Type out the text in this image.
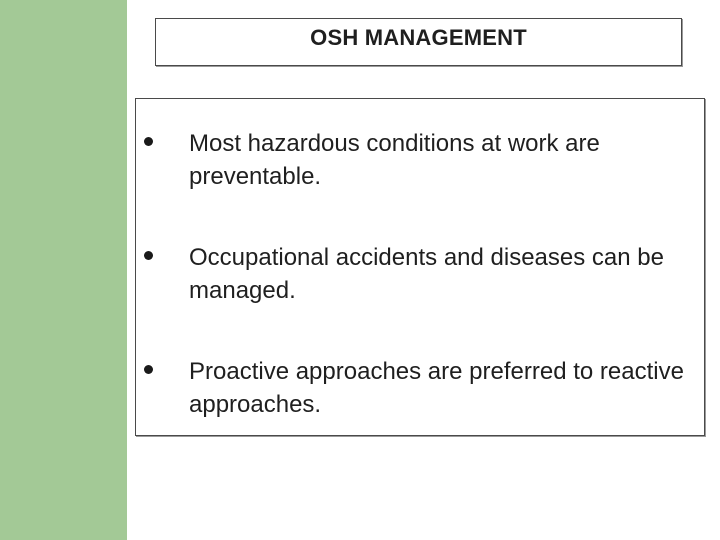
OSH MANAGEMENT
Most hazardous conditions at work are preventable.
Occupational accidents and diseases can be managed.
Proactive approaches are preferred to reactive approaches.
